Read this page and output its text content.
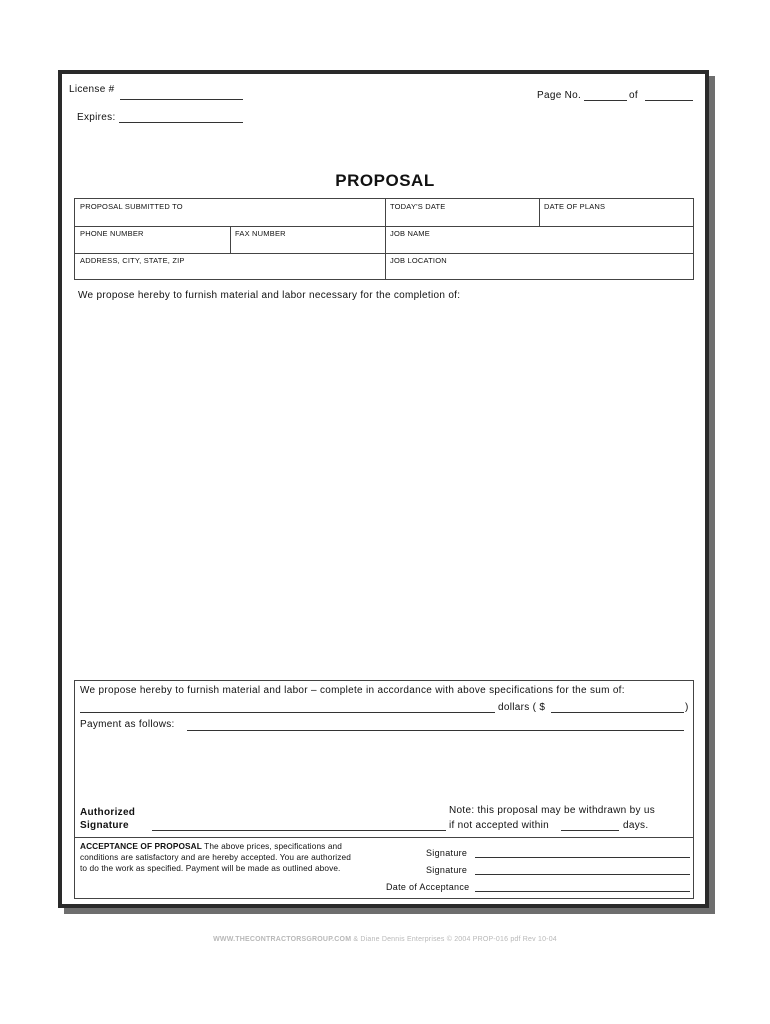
License #
Expires:
Page No.	of
PROPOSAL
PROPOSAL SUBMITTED TO	TODAY'S DATE	DATE OF PLANS
PHONE NUMBER	FAX NUMBER	JOB NAME
ADDRESS, CITY, STATE, ZIP	JOB LOCATION
We propose hereby to furnish material and labor necessary for the completion of:
We propose hereby to furnish material and labor – complete in accordance with above specifications for the sum of:
dollars ( $	)
Payment as follows:
Authorized
Signature
Note: this proposal may be withdrawn by us
if not accepted within	days.
ACCEPTANCE OF PROPOSAL The above prices, specifications and
conditions are satisfactory and are hereby accepted. You are authorized
to do the work as specified. Payment will be made as outlined above.
Signature
Signature
Date of Acceptance
WWW.THECONTRACTORSGROUP.COM & Diane Dennis Enterprises © 2004 PROP-016 pdf Rev 10-04
